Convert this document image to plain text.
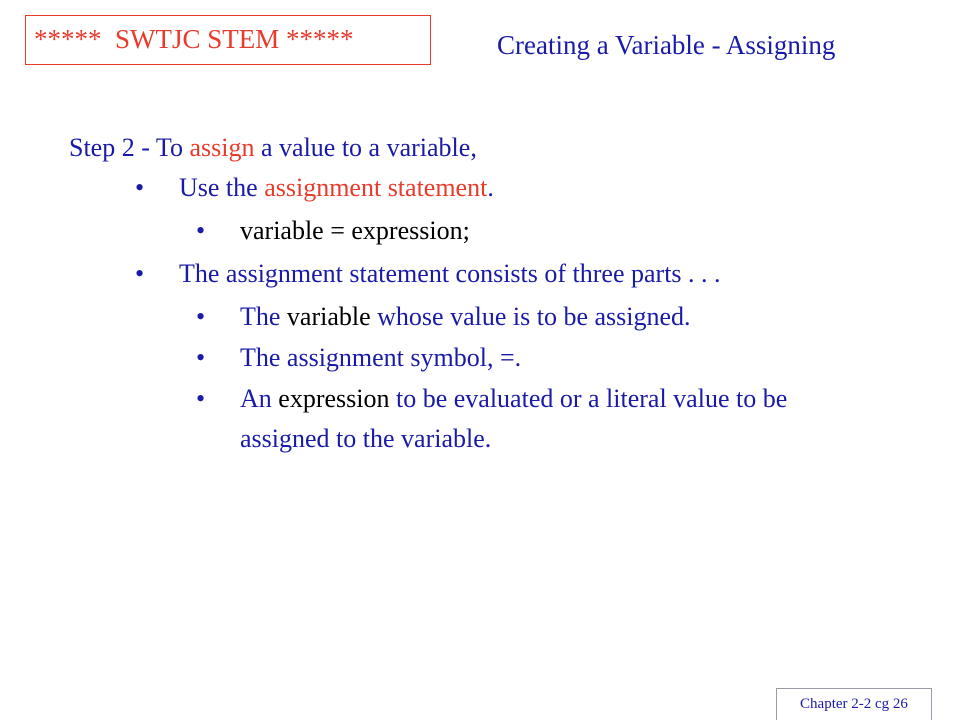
*****  SWTJC STEM *****	Creating a Variable - Assigning
Step 2 - To assign a value to a variable,
• Use the assignment statement.
• variable = expression;
• The assignment statement consists of three parts . . .
• The variable whose value is to be assigned.
• The assignment symbol, =.
• An expression to be evaluated or a literal value to be
assigned to the variable.
Chapter 2-2 cg 26
